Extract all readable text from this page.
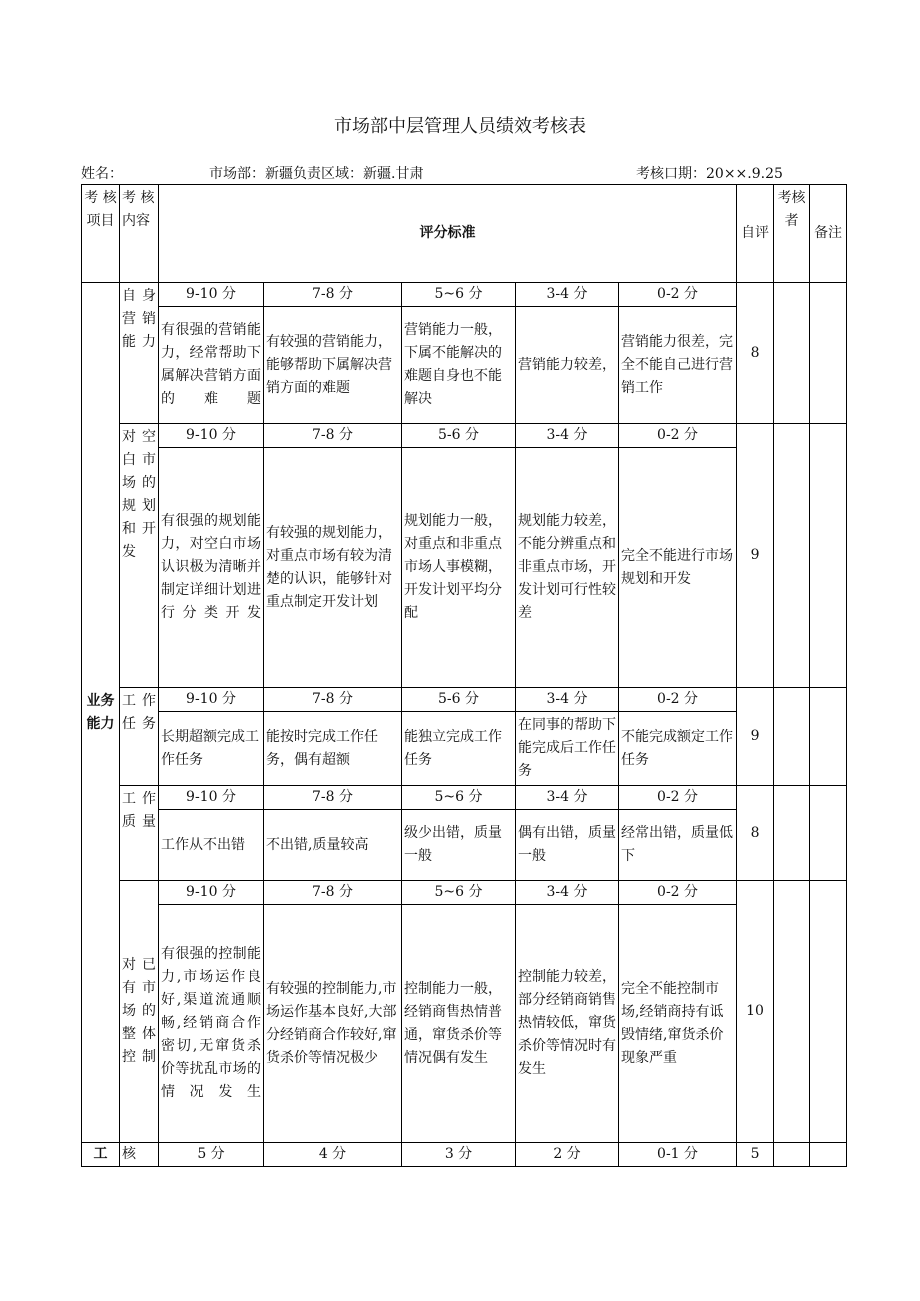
市场部中层管理人员绩效考核表
姓名：	市场部：新疆负责区域：新疆.甘肃	考核口期：20××.9.25
考 核项目	考 核内容	评分标准					自评	考核者	备注
业务能力	自 身营 销能力	9-10 分	7-8 分	5~6 分	3-4 分	0-2 分	8		
		有很强的营销能力，经常帮助下属解决营销方面的难题	有较强的营销能力，能够帮助下属解决营销方面的难题	营销能力一般，下属不能解决的难题自身也不能解决	营销能力较差，	营销能力很差，完全不能自己进行营销工作			
	对 空白 市场 的规 划和 开发	9-10 分	7-8 分	5-6 分	3-4 分	0-2 分	9		
		有很强的规划能力，对空白市场认识极为清晰并制定详细计划进行分类开发	有较强的规划能力，对重点市场有较为清楚的认识，能够针对重点制定开发计划	规划能力一般，对重点和非重点市场人事模糊，开发计划平均分配	规划能力较差，不能分辨重点和非重点市场，开发计划可行性较差	完全不能进行市场规划和开发			
	工 作任务	9-10 分	7-8 分	5-6 分	3-4 分	0-2 分	9		
		长期超额完成工作任务	能按时完成工作任务，偶有超额	能独立完成工作任务	在同事的帮助下能完成后工作任务	不能完成额定工作任务			
	工 作质量	9-10 分	7-8 分	5~6 分	3-4 分	0-2 分	8		
		工作从不出错	不出错,质量较高	级少出错，质量一般	偶有出错，质量一般	经常出错，质量低下			
	对 已有 市场 的整 体控制	9-10 分	7-8 分	5~6 分	3-4 分	0-2 分	10		
		有很强的控制能力,市场运作良好,渠道流通顺畅,经销商合作密切,无窜货杀价等扰乱市场的情况发生	有较强的控制能力,市场运作基本良好,大部分经销商合作较好,窜货杀价等情况极少	控制能力一般，经销商售热情普通，窜货杀价等情况偶有发生	控制能力较差，部分经销商销售热情较低，窜货杀价等情况时有发生	完全不能控制市场,经销商持有诋毁情绪,窜货杀价现象严重			
工	核	5 分	4 分	3 分	2 分	0-1 分	5		
